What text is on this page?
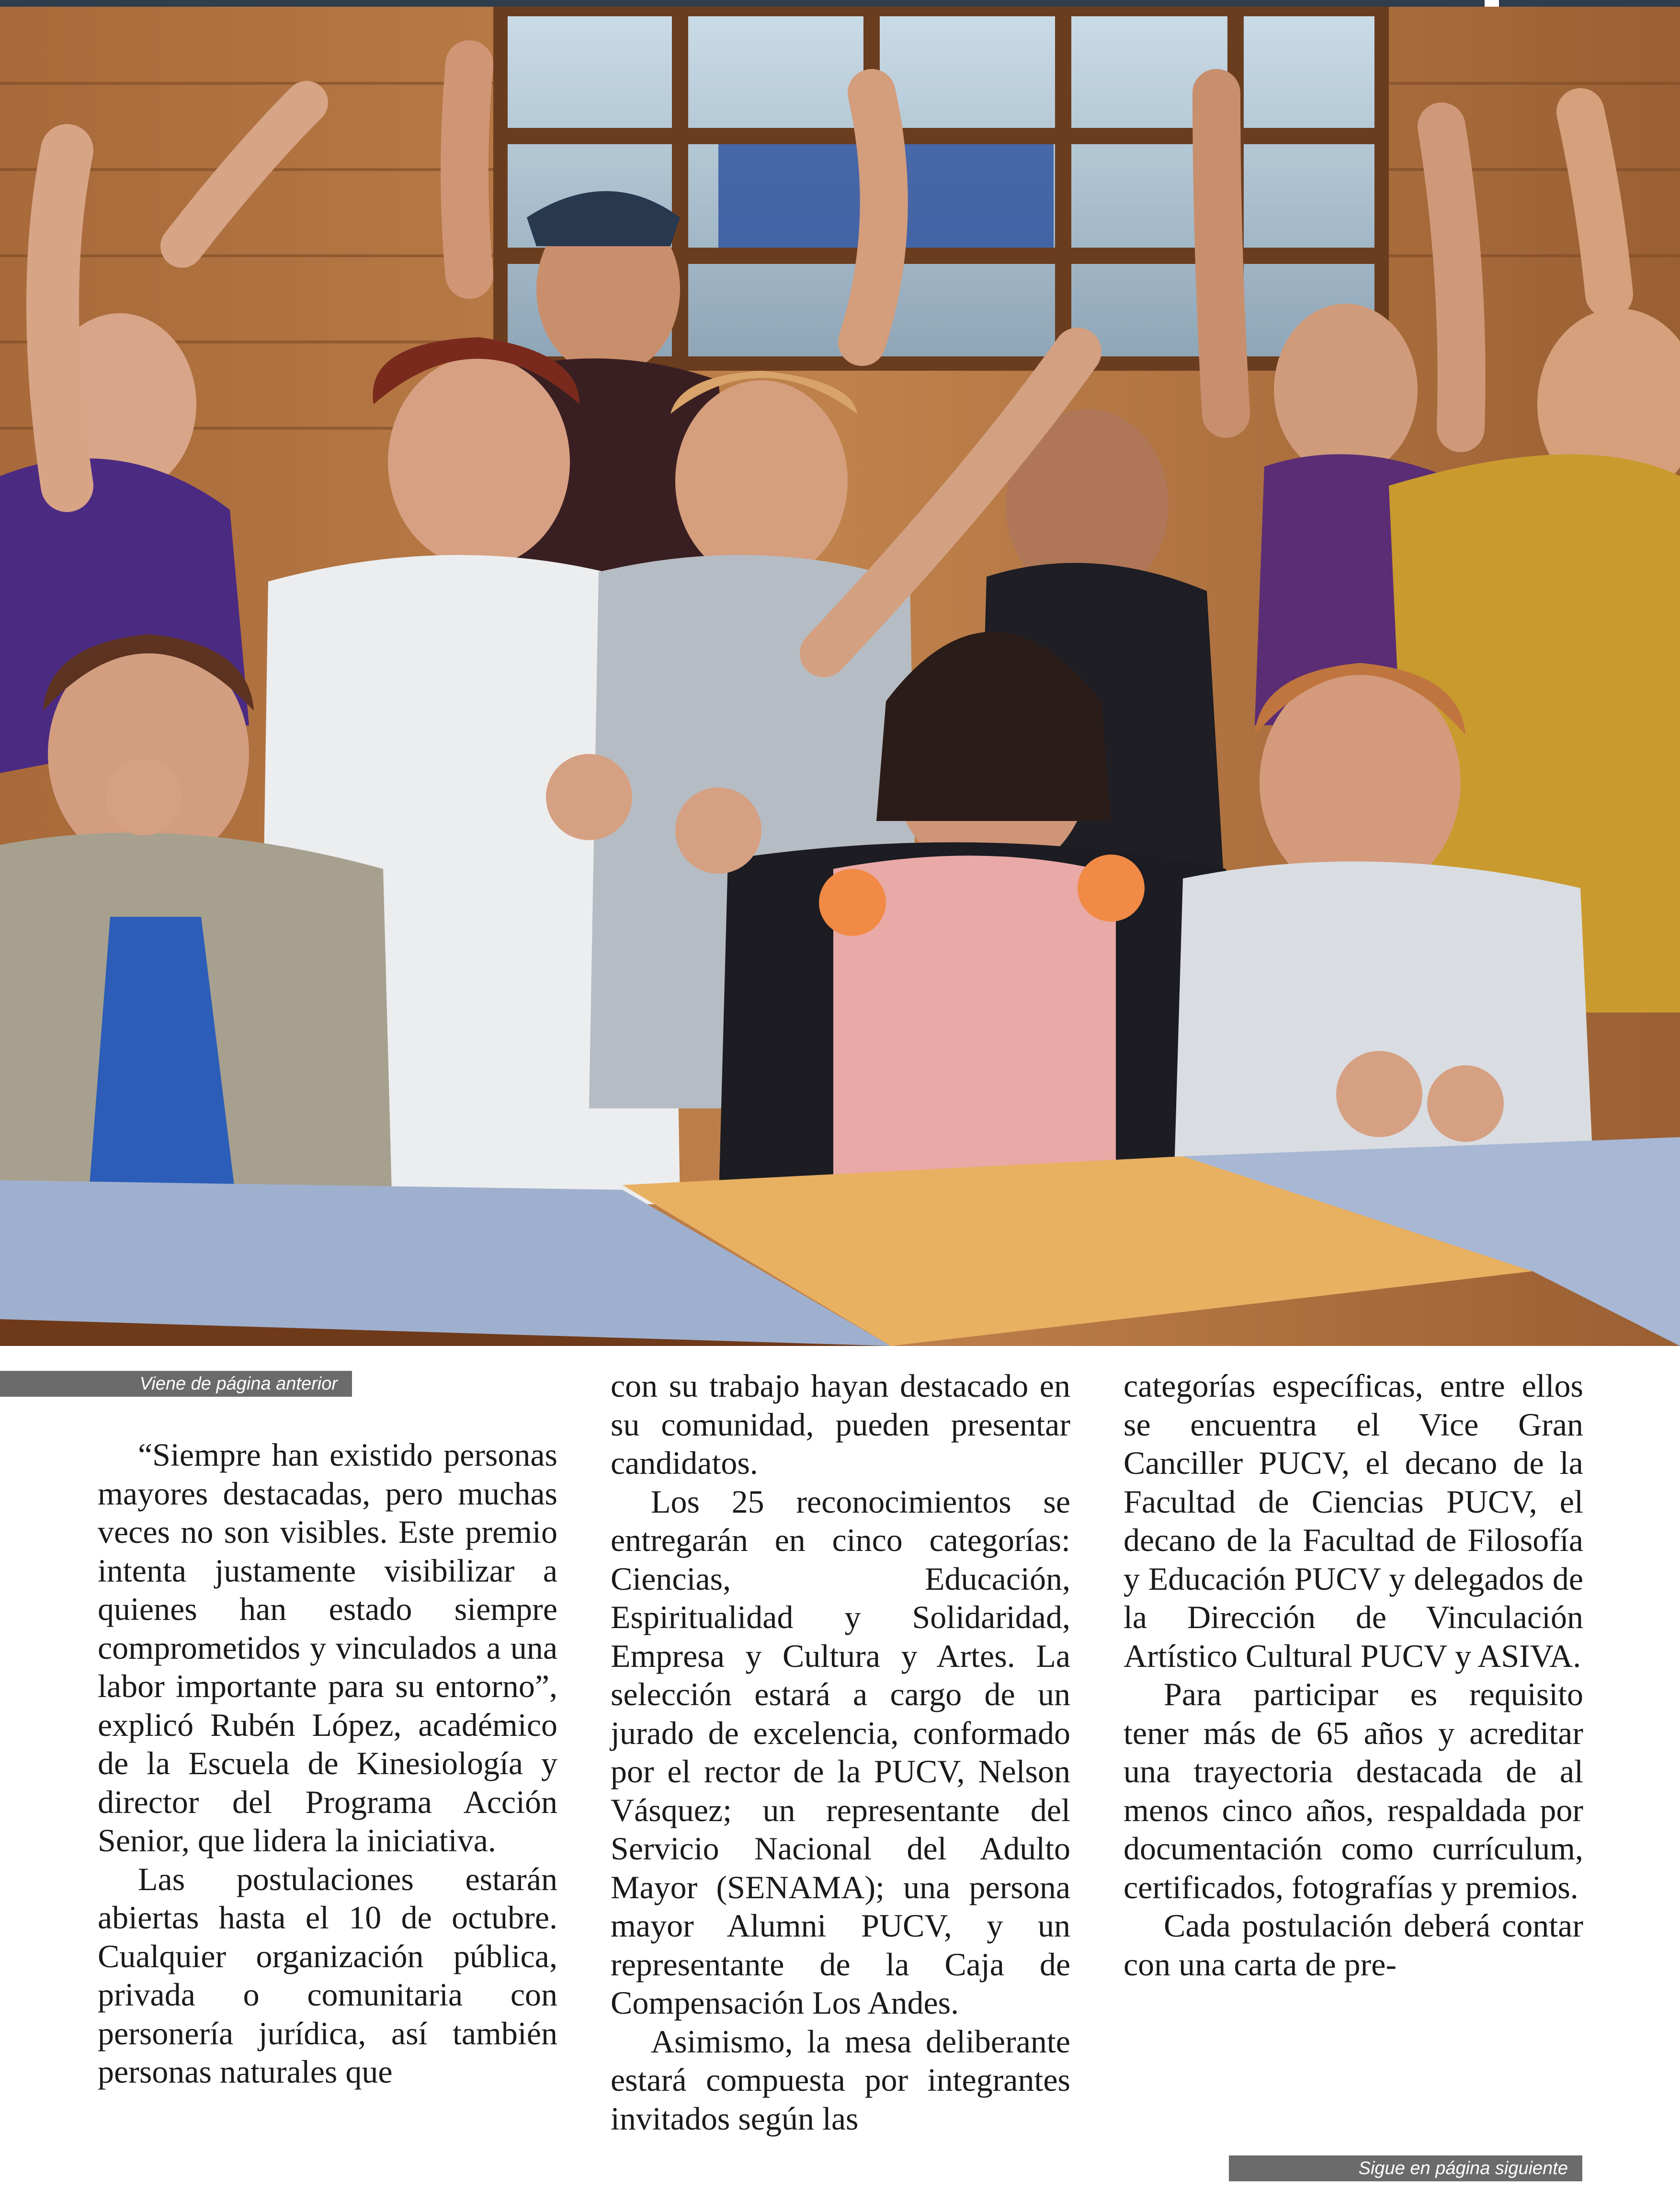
Viene de página anterior
Sigue en página siguiente

“Siempre han existido personas mayores destacadas, pero muchas veces no son visibles. Este premio intenta justamente visibilizar a quienes han estado siempre comprometidos y vinculados a una labor importante para su entorno”, explicó Rubén López, académico de la Escuela de Kinesiología y director del Programa Acción Senior, que lidera la iniciativa.

Las postulaciones estarán abiertas hasta el 10 de octubre. Cualquier organización pública, privada o comunitaria con personería jurídica, así también personas naturales que

con su trabajo hayan destacado en su comunidad, pueden presentar candidatos.

Los 25 reconocimientos se entregarán en cinco categorías: Ciencias, Educación, Espiritualidad y Solidaridad, Empresa y Cultura y Artes. La selección estará a cargo de un jurado de excelencia, conformado por el rector de la PUCV, Nelson Vásquez; un representante del Servicio Nacional del Adulto Mayor (SENAMA); una persona mayor Alumni PUCV, y un representante de la Caja de Compensación Los Andes.

Asimismo, la mesa deliberante estará compuesta por integrantes invitados según las

categorías específicas, entre ellos se encuentra el Vice Gran Canciller PUCV, el decano de la Facultad de Ciencias PUCV, el decano de la Facultad de Filosofía y Educación PUCV y delegados de la Dirección de Vinculación Artístico Cultural PUCV y ASIVA.

Para participar es requisito tener más de 65 años y acreditar una trayectoria destacada de al menos cinco años, respaldada por documentación como currículum, certificados, fotografías y premios.

Cada postulación deberá contar con una carta de pre-
